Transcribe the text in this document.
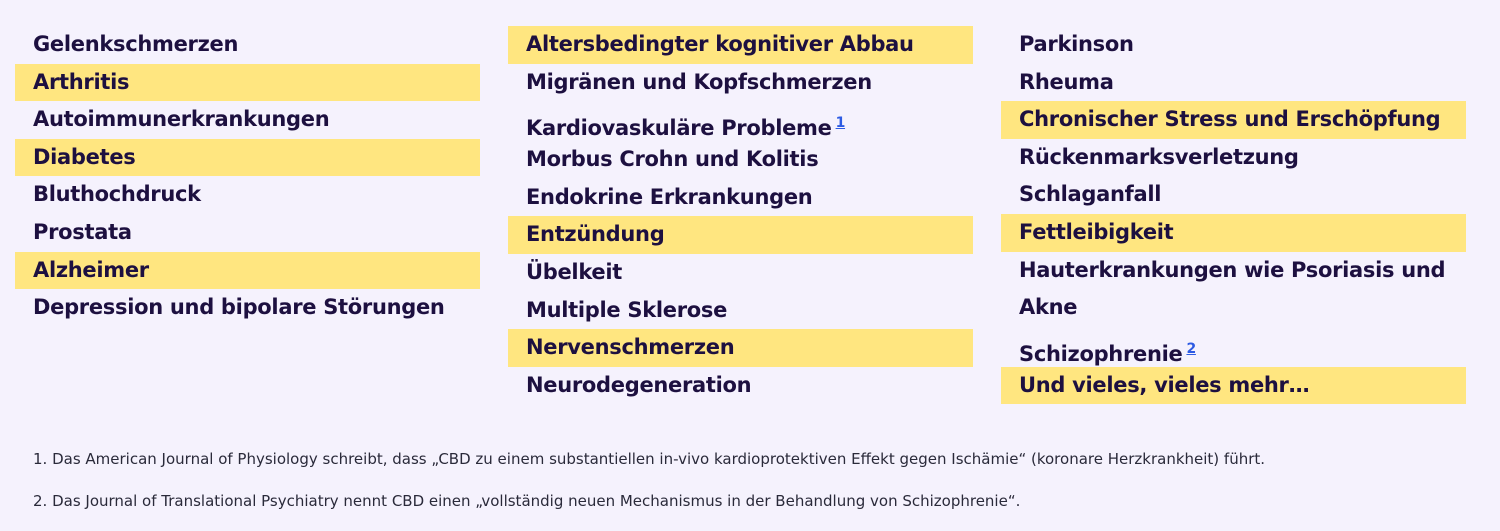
Gelenkschmerzen
Arthritis
Autoimmunerkrankungen
Diabetes
Bluthochdruck
Prostata
Alzheimer
Depression und bipolare Störungen
Altersbedingter kognitiver Abbau
Migränen und Kopfschmerzen
Kardiovaskuläre Probleme $^1$
Morbus Crohn und Kolitis
Endokrine Erkrankungen
Entzündung
Übelkeit
Multiple Sklerose
Nervenschmerzen
Neurodegeneration
Parkinson
Rheuma
Chronischer Stress und Erschöpfung
Rückenmarksverletzung
Schlaganfall
Fettleibigkeit
Hauterkrankungen wie Psoriasis und Akne
Schizophrenie $^2$
Und vieles, vieles mehr…
1. Das American Journal of Physiology schreibt, dass „CBD zu einem substantiellen in-vivo kardioprotektiven Effekt gegen Ischämie“ (koronare Herzkrankheit) führt.
2. Das Journal of Translational Psychiatry nennt CBD einen „vollständig neuen Mechanismus in der Behandlung von Schizophrenie“.
